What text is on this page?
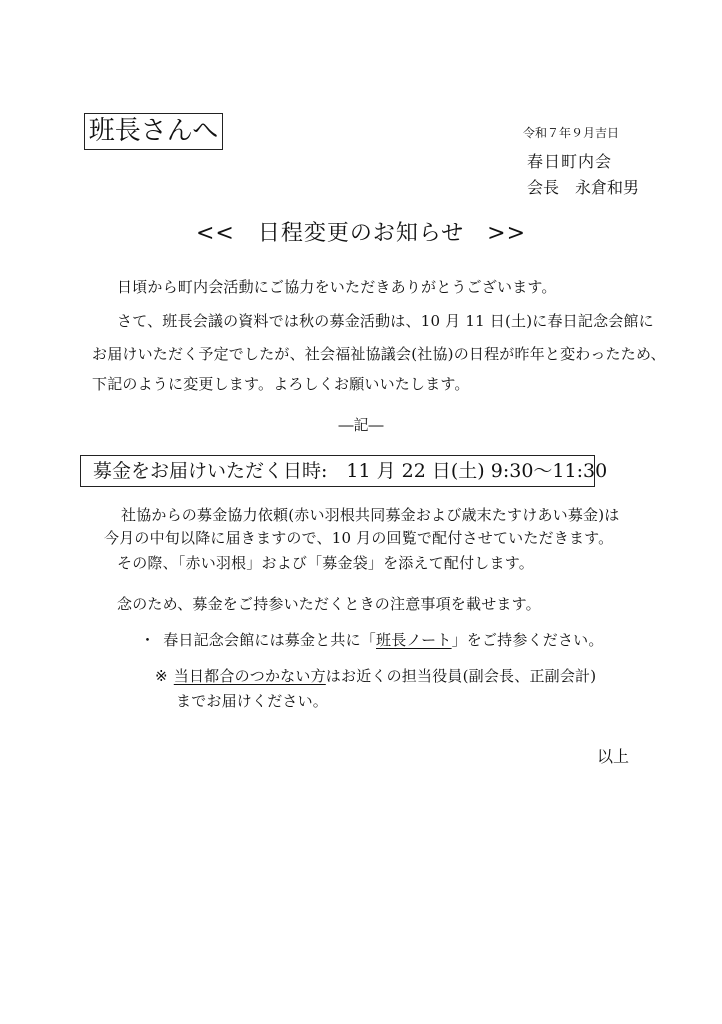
班長さんへ	令和７年９月吉日
春日町内会
会長　永倉和男
<<　日程変更のお知らせ　>>
日頃から町内会活動にご協力をいただきありがとうございます。
さて、班長会議の資料では秋の募金活動は、10 月 11 日(土)に春日記念会館に
お届けいただく予定でしたが、社会福祉協議会(社協)の日程が昨年と変わったため、
下記のように変更します。よろしくお願いいたします。
―記―
募金をお届けいただく日時:　11 月 22 日(土) 9:30～11:30
社協からの募金協力依頼(赤い羽根共同募金および歳末たすけあい募金)は
今月の中旬以降に届きますので、10 月の回覧で配付させていただきます。
その際、「赤い羽根」および「募金袋」を添えて配付します。
念のため、募金をご持参いただくときの注意事項を載せます。
・ 春日記念会館には募金と共に「班長ノート」をご持参ください。
※ 当日都合のつかない方はお近くの担当役員(副会長、正副会計)
までお届けください。
以上
